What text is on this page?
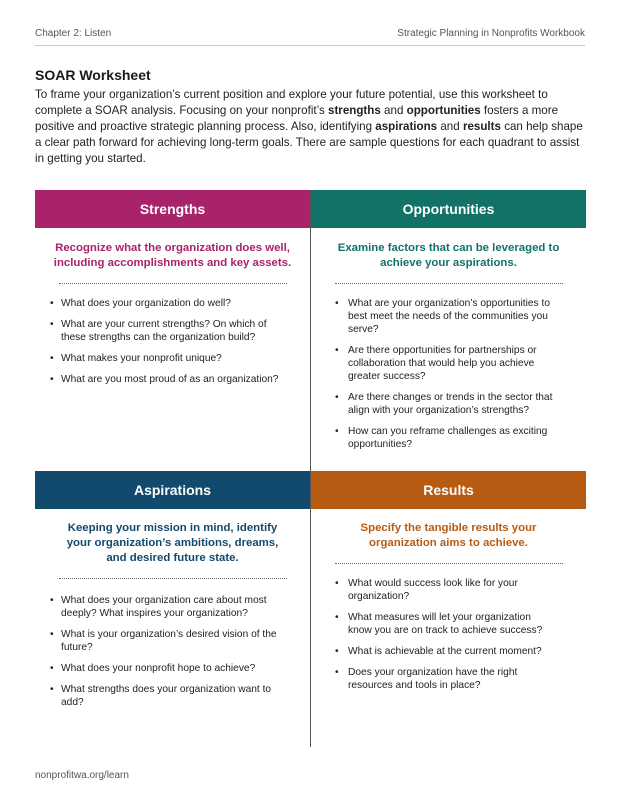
Chapter 2: Listen	Strategic Planning in Nonprofits Workbook
SOAR Worksheet
To frame your organization’s current position and explore your future potential, use this worksheet to complete a SOAR analysis. Focusing on your nonprofit’s strengths and opportunities fosters a more positive and proactive strategic planning process. Also, identifying aspirations and results can help shape a clear path forward for achieving long-term goals. There are sample questions for each quadrant to assist in getting you started.
Strengths
Recognize what the organization does well, including accomplishments and key assets.
• What does your organization do well?
• What are your current strengths? On which of these strengths can the organization build?
• What makes your nonprofit unique?
• What are you most proud of as an organization?
Opportunities
Examine factors that can be leveraged to achieve your aspirations.
• What are your organization’s opportunities to best meet the needs of the communities you serve?
• Are there opportunities for partnerships or collaboration that would help you achieve greater success?
• Are there changes or trends in the sector that align with your organization’s strengths?
• How can you reframe challenges as exciting opportunities?
Aspirations
Keeping your mission in mind, identify your organization’s ambitions, dreams, and desired future state.
• What does your organization care about most deeply? What inspires your organization?
• What is your organization’s desired vision of the future?
• What does your nonprofit hope to achieve?
• What strengths does your organization want to add?
Results
Specify the tangible results your organization aims to achieve.
• What would success look like for your organization?
• What measures will let your organization know you are on track to achieve success?
• What is achievable at the current moment?
• Does your organization have the right resources and tools in place?
nonprofitwa.org/learn
